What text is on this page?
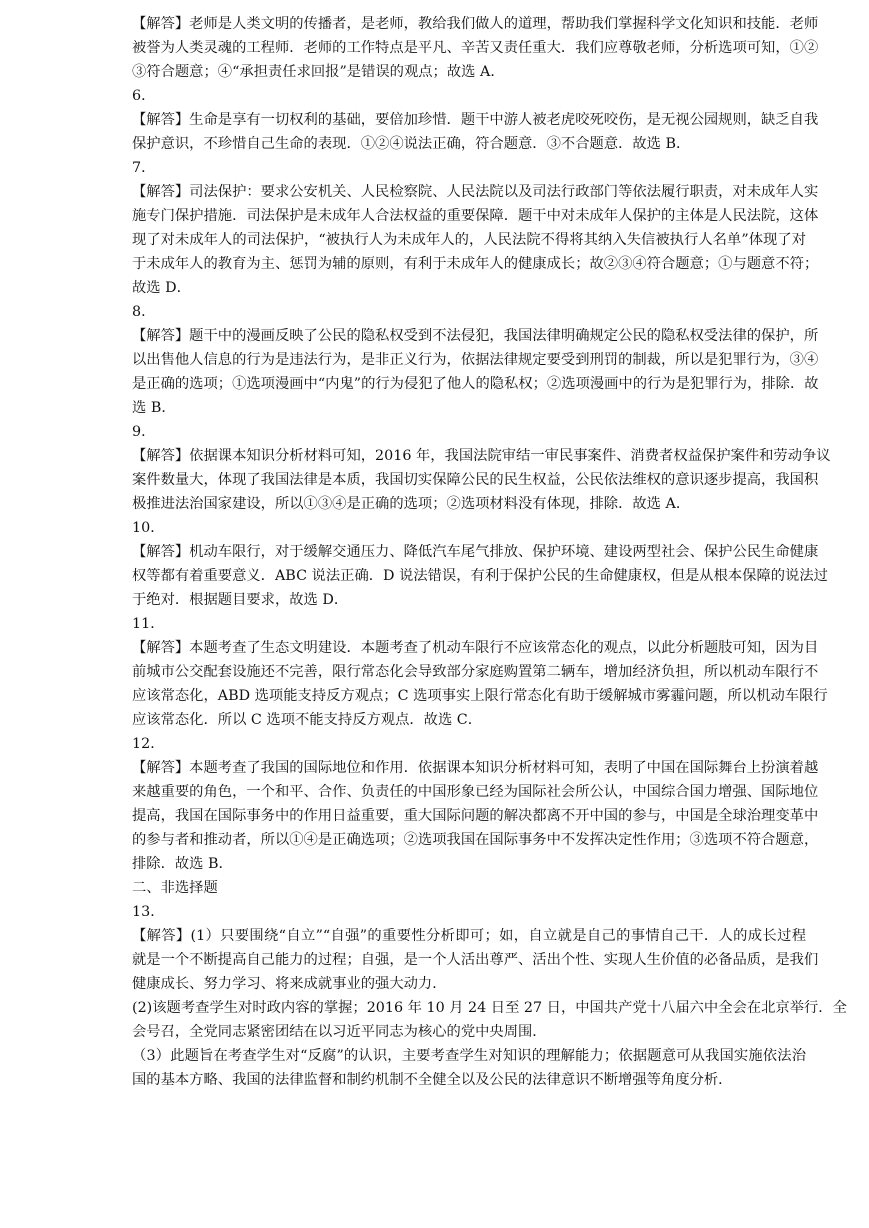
【解答】老师是人类文明的传播者，是老师，教给我们做人的道理，帮助我们掌握科学文化知识和技能．老师
被誉为人类灵魂的工程师．老师的工作特点是平凡、辛苦又责任重大．我们应尊敬老师，分析选项可知，①②
③符合题意；④“承担责任求回报”是错误的观点；故选 A．
6．
【解答】生命是享有一切权利的基础，要倍加珍惜．题干中游人被老虎咬死咬伤，是无视公园规则，缺乏自我
保护意识，不珍惜自己生命的表现．①②④说法正确，符合题意．③不合题意．故选 B．
7．
【解答】司法保护：要求公安机关、人民检察院、人民法院以及司法行政部门等依法履行职责，对未成年人实
施专门保护措施．司法保护是未成年人合法权益的重要保障．题干中对未成年人保护的主体是人民法院，这体
现了对未成年人的司法保护，“被执行人为未成年人的，人民法院不得将其纳入失信被执行人名单”体现了对
于未成年人的教育为主、惩罚为辅的原则，有利于未成年人的健康成长；故②③④符合题意；①与题意不符；
故选 D．
8．
【解答】题干中的漫画反映了公民的隐私权受到不法侵犯，我国法律明确规定公民的隐私权受法律的保护，所
以出售他人信息的行为是违法行为，是非正义行为，依据法律规定要受到刑罚的制裁，所以是犯罪行为，③④
是正确的选项；①选项漫画中“内鬼”的行为侵犯了他人的隐私权；②选项漫画中的行为是犯罪行为，排除．故
选 B．
9．
【解答】依据课本知识分析材料可知，2016 年，我国法院审结一审民事案件、消费者权益保护案件和劳动争议
案件数量大，体现了我国法律是本质，我国切实保障公民的民生权益，公民依法维权的意识逐步提高，我国积
极推进法治国家建设，所以①③④是正确的选项；②选项材料没有体现，排除．故选 A．
10．
【解答】机动车限行，对于缓解交通压力、降低汽车尾气排放、保护环境、建设两型社会、保护公民生命健康
权等都有着重要意义．ABC 说法正确．D 说法错误，有利于保护公民的生命健康权，但是从根本保障的说法过
于绝对．根据题目要求，故选 D．
11．
【解答】本题考查了生态文明建设．本题考查了机动车限行不应该常态化的观点，以此分析题肢可知，因为目
前城市公交配套设施还不完善，限行常态化会导致部分家庭购置第二辆车，增加经济负担，所以机动车限行不
应该常态化，ABD 选项能支持反方观点；C 选项事实上限行常态化有助于缓解城市雾霾问题，所以机动车限行
应该常态化．所以 C 选项不能支持反方观点．故选 C．
12．
【解答】本题考查了我国的国际地位和作用．依据课本知识分析材料可知，表明了中国在国际舞台上扮演着越
来越重要的角色，一个和平、合作、负责任的中国形象已经为国际社会所公认，中国综合国力增强、国际地位
提高，我国在国际事务中的作用日益重要，重大国际问题的解决都离不开中国的参与，中国是全球治理变革中
的参与者和推动者，所以①④是正确选项；②选项我国在国际事务中不发挥决定性作用；③选项不符合题意，
排除．故选 B．
二、非选择题
13．
【解答】(1）只要围绕“自立”“自强”的重要性分析即可；如，自立就是自己的事情自己干．人的成长过程
就是一个不断提高自己能力的过程；自强，是一个人活出尊严、活出个性、实现人生价值的必备品质，是我们
健康成长、努力学习、将来成就事业的强大动力．
(2)该题考查学生对时政内容的掌握；2016 年 10 月 24 日至 27 日，中国共产党十八届六中全会在北京举行．全
会号召，全党同志紧密团结在以习近平同志为核心的党中央周围．
（3）此题旨在考查学生对“反腐”的认识，主要考查学生对知识的理解能力；依据题意可从我国实施依法治
国的基本方略、我国的法律监督和制约机制不全健全以及公民的法律意识不断增强等角度分析．
